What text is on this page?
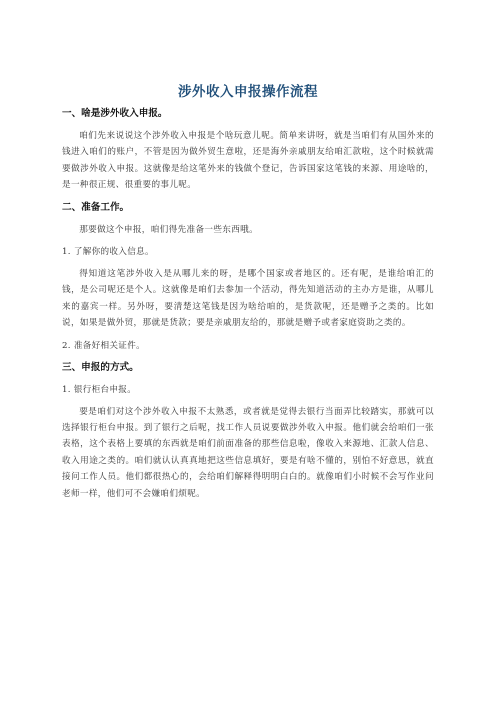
涉外收入申报操作流程
一、啥是涉外收入申报。
咱们先来说说这个涉外收入申报是个啥玩意儿呢。简单来讲呀，就是当咱们有从国外来的钱进入咱们的账户，不管是因为做外贸生意啦，还是海外亲戚朋友给咱汇款啦，这个时候就需要做涉外收入申报。这就像是给这笔外来的钱做个登记，告诉国家这笔钱的来源、用途啥的，是一种很正规、很重要的事儿呢。
二、准备工作。
那要做这个申报，咱们得先准备一些东西哦。
1. 了解你的收入信息。
得知道这笔涉外收入是从哪儿来的呀，是哪个国家或者地区的。还有呢，是谁给咱汇的钱，是公司呢还是个人。这就像是咱们去参加一个活动，得先知道活动的主办方是谁，从哪儿来的嘉宾一样。另外呀，要清楚这笔钱是因为啥给咱的，是货款呢，还是赠予之类的。比如说，如果是做外贸，那就是货款；要是亲戚朋友给的，那就是赠予或者家庭资助之类的。
2. 准备好相关证件。
三、申报的方式。
1. 银行柜台申报。
要是咱们对这个涉外收入申报不太熟悉，或者就是觉得去银行当面弄比较踏实，那就可以选择银行柜台申报。到了银行之后呢，找工作人员说要做涉外收入申报。他们就会给咱们一张表格，这个表格上要填的东西就是咱们前面准备的那些信息啦，像收入来源地、汇款人信息、收入用途之类的。咱们就认认真真地把这些信息填好，要是有啥不懂的，别怕不好意思，就直接问工作人员。他们都很热心的，会给咱们解释得明明白白的。就像咱们小时候不会写作业问老师一样，他们可不会嫌咱们烦呢。
